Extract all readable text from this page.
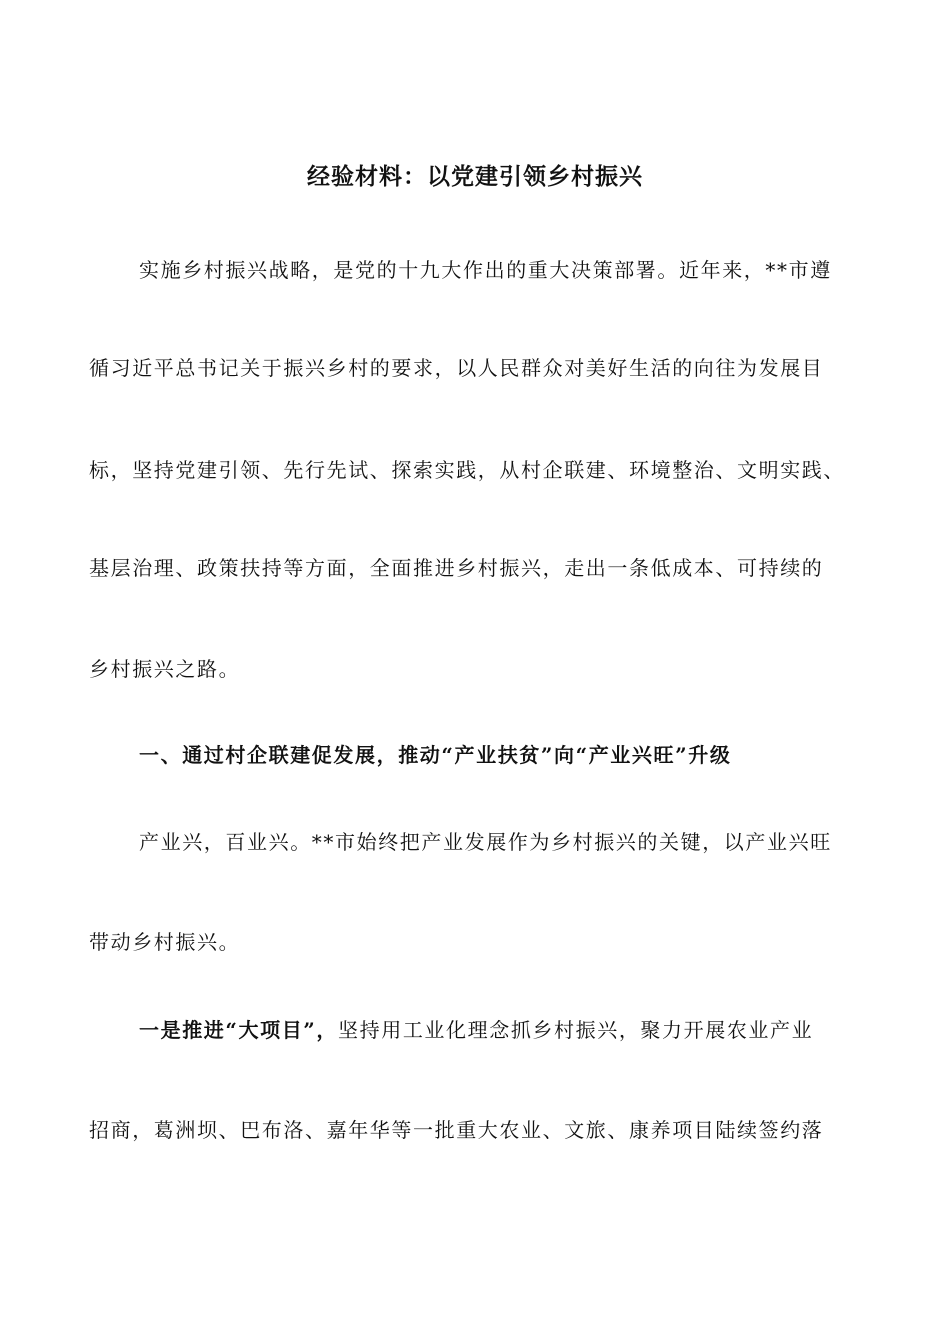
经验材料：以党建引领乡村振兴
实施乡村振兴战略，是党的十九大作出的重大决策部署。近年来，**市遵
循习近平总书记关于振兴乡村的要求，以人民群众对美好生活的向往为发展目
标，坚持党建引领、先行先试、探索实践，从村企联建、环境整治、文明实践、
基层治理、政策扶持等方面，全面推进乡村振兴，走出一条低成本、可持续的
乡村振兴之路。
一、通过村企联建促发展，推动“产业扶贫”向“产业兴旺”升级
产业兴，百业兴。**市始终把产业发展作为乡村振兴的关键，以产业兴旺
带动乡村振兴。
一是推进“大项目”，坚持用工业化理念抓乡村振兴，聚力开展农业产业
招商，葛洲坝、巴布洛、嘉年华等一批重大农业、文旅、康养项目陆续签约落
